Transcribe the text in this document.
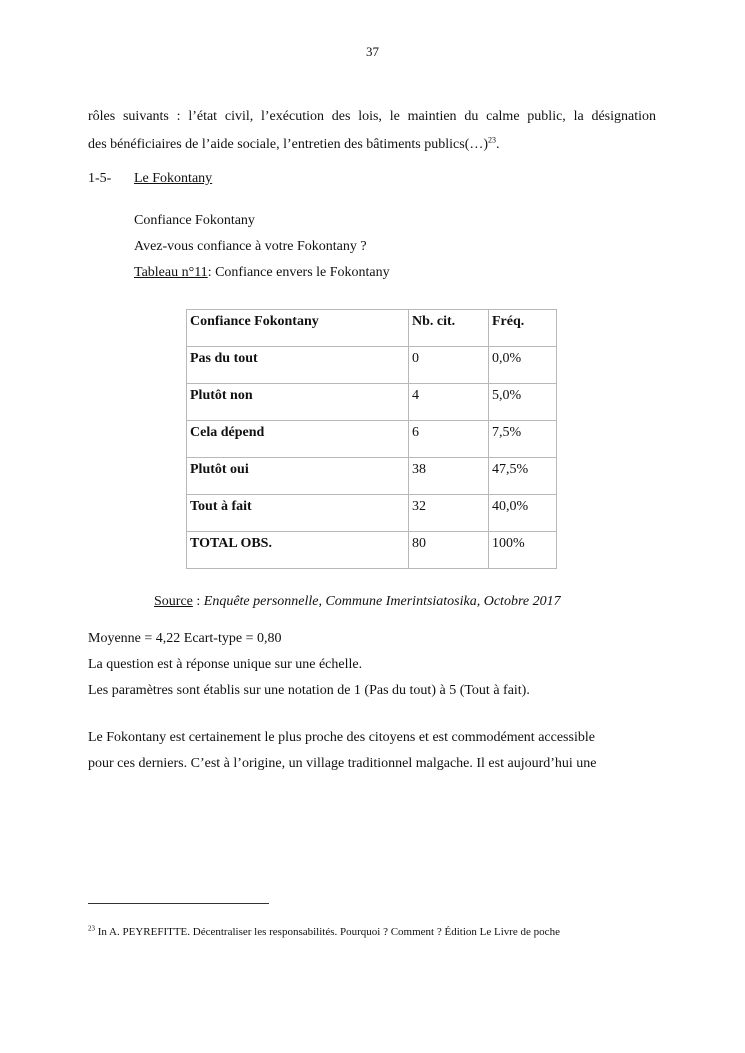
37
rôles suivants : l’état civil, l’exécution des lois, le maintien du calme public, la désignation
des bénéficiaires de l’aide sociale, l’entretien des bâtiments publics(…)$^{23}$.
1-5- Le Fokontany
Confiance Fokontany
Avez-vous confiance à votre Fokontany ?
Tableau n°11: Confiance envers le Fokontany
Confiance Fokontany	Nb. cit.	Fréq.
Pas du tout	0	0,0%
Plutôt non	4	5,0%
Cela dépend	6	7,5%
Plutôt oui	38	47,5%
Tout à fait	32	40,0%
TOTAL OBS.	80	100%
Source : Enquête personnelle, Commune Imerintsiatosika, Octobre 2017
Moyenne = 4,22 Ecart-type = 0,80
La question est à réponse unique sur une échelle.
Les paramètres sont établis sur une notation de 1 (Pas du tout) à 5 (Tout à fait).
Le Fokontany est certainement le plus proche des citoyens et est commodément accessible
pour ces derniers. C’est à l’origine, un village traditionnel malgache. Il est aujourd’hui une
$^{23}$ In A. PEYREFITTE. Décentraliser les responsabilités. Pourquoi ? Comment ? Édition Le Livre de poche
